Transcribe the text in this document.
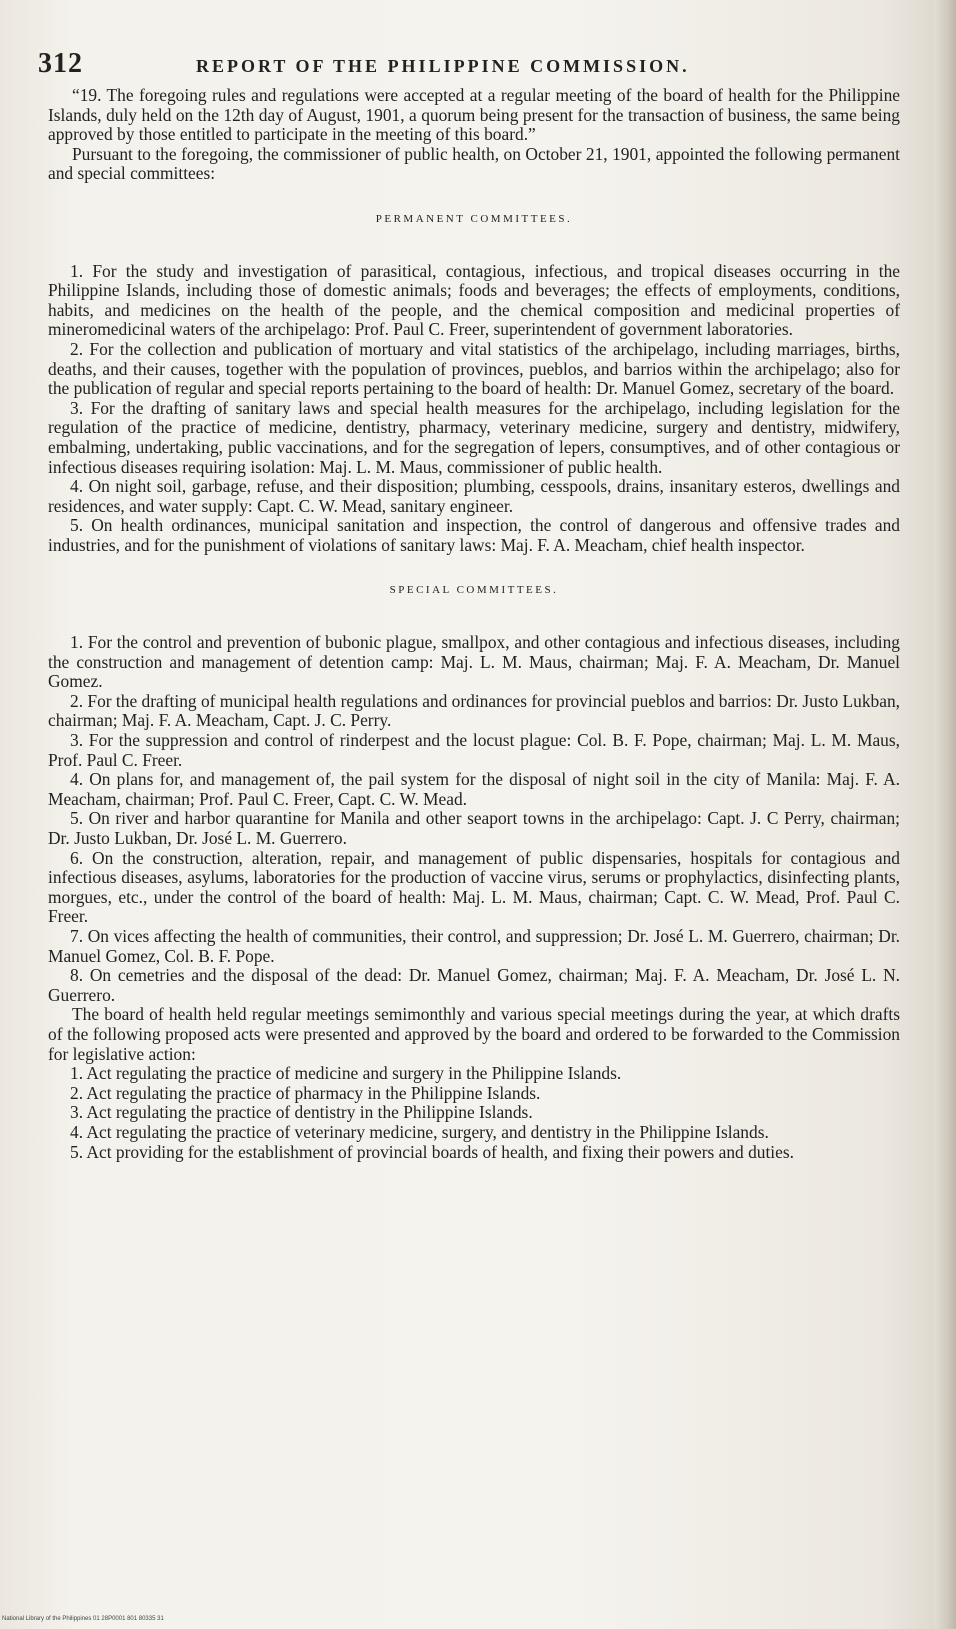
312	REPORT OF THE PHILIPPINE COMMISSION.

“19. The foregoing rules and regulations were accepted at a regular meeting of the board of health for the Philippine Islands, duly held on the 12th day of August, 1901, a quorum being present for the transaction of business, the same being approved by those entitled to participate in the meeting of this board.”

Pursuant to the foregoing, the commissioner of public health, on October 21, 1901, appointed the following permanent and special committees:

PERMANENT COMMITTEES.

1. For the study and investigation of parasitical, contagious, infectious, and tropical diseases occurring in the Philippine Islands, including those of domestic animals; foods and beverages; the effects of employments, conditions, habits, and medicines on the health of the people, and the chemical composition and medicinal properties of mineromedicinal waters of the archipelago: Prof. Paul C. Freer, superintendent of government laboratories.

2. For the collection and publication of mortuary and vital statistics of the archipelago, including marriages, births, deaths, and their causes, together with the population of provinces, pueblos, and barrios within the archipelago; also for the publication of regular and special reports pertaining to the board of health: Dr. Manuel Gomez, secretary of the board.

3. For the drafting of sanitary laws and special health measures for the archipelago, including legislation for the regulation of the practice of medicine, dentistry, pharmacy, veterinary medicine, surgery and dentistry, midwifery, embalming, undertaking, public vaccinations, and for the segregation of lepers, consumptives, and of other contagious or infectious diseases requiring isolation: Maj. L. M. Maus, commissioner of public health.

4. On night soil, garbage, refuse, and their disposition; plumbing, cesspools, drains, insanitary esteros, dwellings and residences, and water supply: Capt. C. W. Mead, sanitary engineer.

5. On health ordinances, municipal sanitation and inspection, the control of dangerous and offensive trades and industries, and for the punishment of violations of sanitary laws: Maj. F. A. Meacham, chief health inspector.

SPECIAL COMMITTEES.

1. For the control and prevention of bubonic plague, smallpox, and other contagious and infectious diseases, including the construction and management of detention camp: Maj. L. M. Maus, chairman; Maj. F. A. Meacham, Dr. Manuel Gomez.

2. For the drafting of municipal health regulations and ordinances for provincial pueblos and barrios: Dr. Justo Lukban, chairman; Maj. F. A. Meacham, Capt. J. C. Perry.

3. For the suppression and control of rinderpest and the locust plague: Col. B. F. Pope, chairman; Maj. L. M. Maus, Prof. Paul C. Freer.

4. On plans for, and management of, the pail system for the disposal of night soil in the city of Manila: Maj. F. A. Meacham, chairman; Prof. Paul C. Freer, Capt. C. W. Mead.

5. On river and harbor quarantine for Manila and other seaport towns in the archipelago: Capt. J. C Perry, chairman; Dr. Justo Lukban, Dr. José L. M. Guerrero.

6. On the construction, alteration, repair, and management of public dispensaries, hospitals for contagious and infectious diseases, asylums, laboratories for the production of vaccine virus, serums or prophylactics, disinfecting plants, morgues, etc., under the control of the board of health: Maj. L. M. Maus, chairman; Capt. C. W. Mead, Prof. Paul C. Freer.

7. On vices affecting the health of communities, their control, and suppression; Dr. José L. M. Guerrero, chairman; Dr. Manuel Gomez, Col. B. F. Pope.

8. On cemetries and the disposal of the dead: Dr. Manuel Gomez, chairman; Maj. F. A. Meacham, Dr. José L. N. Guerrero.

The board of health held regular meetings semimonthly and various special meetings during the year, at which drafts of the following proposed acts were presented and approved by the board and ordered to be forwarded to the Commission for legislative action:

1. Act regulating the practice of medicine and surgery in the Philippine Islands.

2. Act regulating the practice of pharmacy in the Philippine Islands.

3. Act regulating the practice of dentistry in the Philippine Islands.

4. Act regulating the practice of veterinary medicine, surgery, and dentistry in the Philippine Islands.

5. Act providing for the establishment of provincial boards of health, and fixing their powers and duties.

National Library of the Philippines 01 28P0001 801 80335 31
